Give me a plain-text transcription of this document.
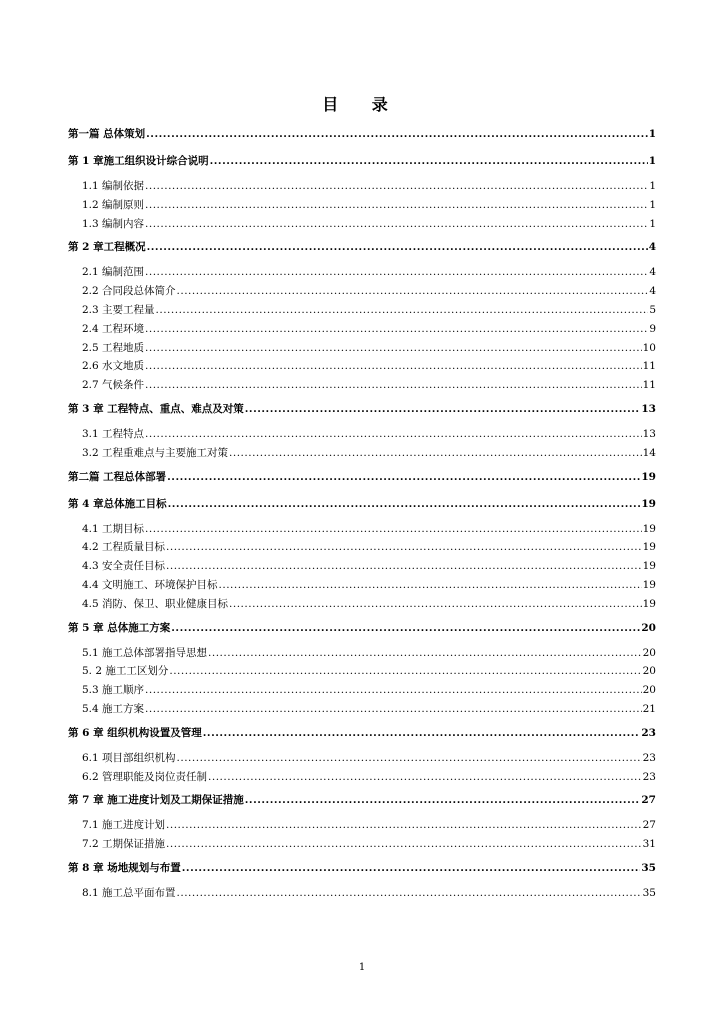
目 录
第一篇 总体策划 .....	1
第 1 章施工组织设计综合说明 .....	1
1.1 编制依据 .....	1
1.2 编制原则 .....	1
1.3 编制内容 .....	1
第 2 章工程概况 .....	4
2.1 编制范围 .....	4
2.2 合同段总体简介 .....	4
2.3 主要工程量 .....	5
2.4 工程环境 .....	9
2.5 工程地质 .....	10
2.6 水文地质 .....	11
2.7 气候条件 .....	11
第 3 章 工程特点、重点、难点及对策 .....	13
3.1 工程特点 .....	13
3.2 工程重难点与主要施工对策 .....	14
第二篇 工程总体部署 .....	19
第 4 章总体施工目标 .....	19
4.1 工期目标 .....	19
4.2 工程质量目标 .....	19
4.3 安全责任目标 .....	19
4.4 文明施工、环境保护目标 .....	19
4.5 消防、保卫、职业健康目标 .....	19
第 5 章 总体施工方案 .....	20
5.1 施工总体部署指导思想 .....	20
5. 2 施工工区划分 .....	20
5.3 施工顺序 .....	20
5.4 施工方案 .....	21
第 6 章 组织机构设置及管理 .....	23
6.1 项目部组织机构 .....	23
6.2 管理职能及岗位责任制 .....	23
第 7 章 施工进度计划及工期保证措施 .....	27
7.1 施工进度计划 .....	27
7.2 工期保证措施 .....	31
第 8 章 场地规划与布置 .....	35
8.1 施工总平面布置 .....	35
1
